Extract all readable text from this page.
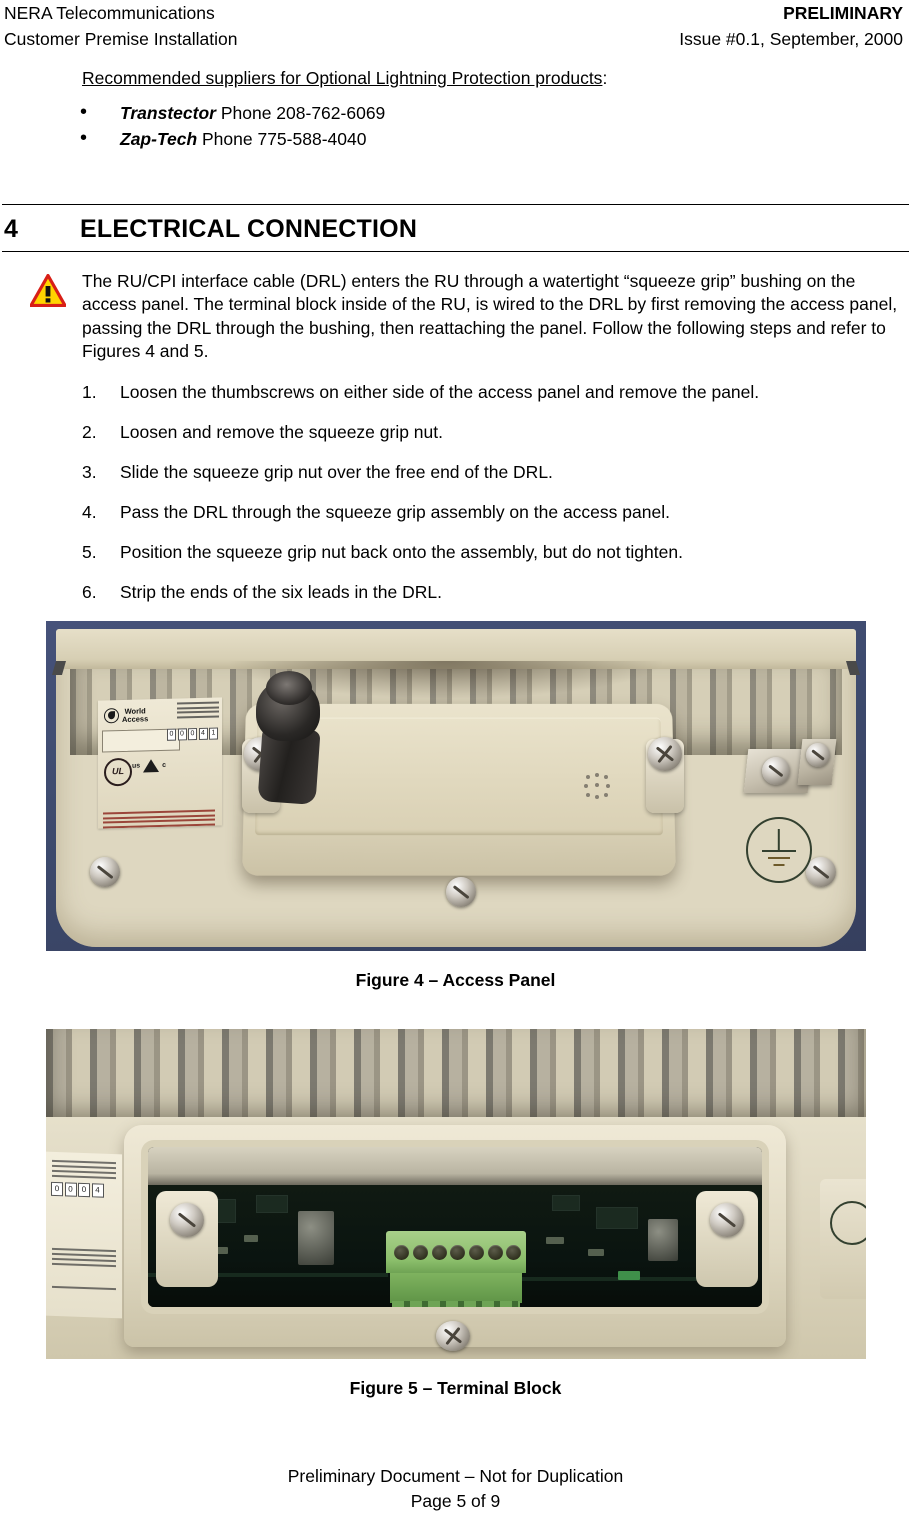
NERA Telecommunications
Customer Premise Installation
PRELIMINARY
Issue #0.1, September, 2000

Recommended suppliers for Optional Lightning Protection products:

• Transtector Phone 208-762-6069
• Zap-Tech Phone 775-588-4040
4	ELECTRICAL CONNECTION

The RU/CPI interface cable (DRL) enters the RU through a watertight “squeeze grip” bushing on the access panel. The terminal block inside of the RU, is wired to the DRL by first removing the access panel, passing the DRL through the bushing, then reattaching the panel. Follow the following steps and refer to Figures 4 and 5.

1.	Loosen the thumbscrews on either side of the access panel and remove the panel.
2.	Loosen and remove the squeeze grip nut.
3.	Slide the squeeze grip nut over the free end of the DRL.
4.	Pass the DRL through the squeeze grip assembly on the access panel.
5.	Position the squeeze grip nut back onto the assembly, but do not tighten.
6.	Strip the ends of the six leads in the DRL.
World
Access
0 0 0 4 1
UL	us	c
Figure 4 – Access Panel
0	0	0	4
Figure 5 – Terminal Block
Preliminary Document – Not for Duplication
Page 5 of 9
